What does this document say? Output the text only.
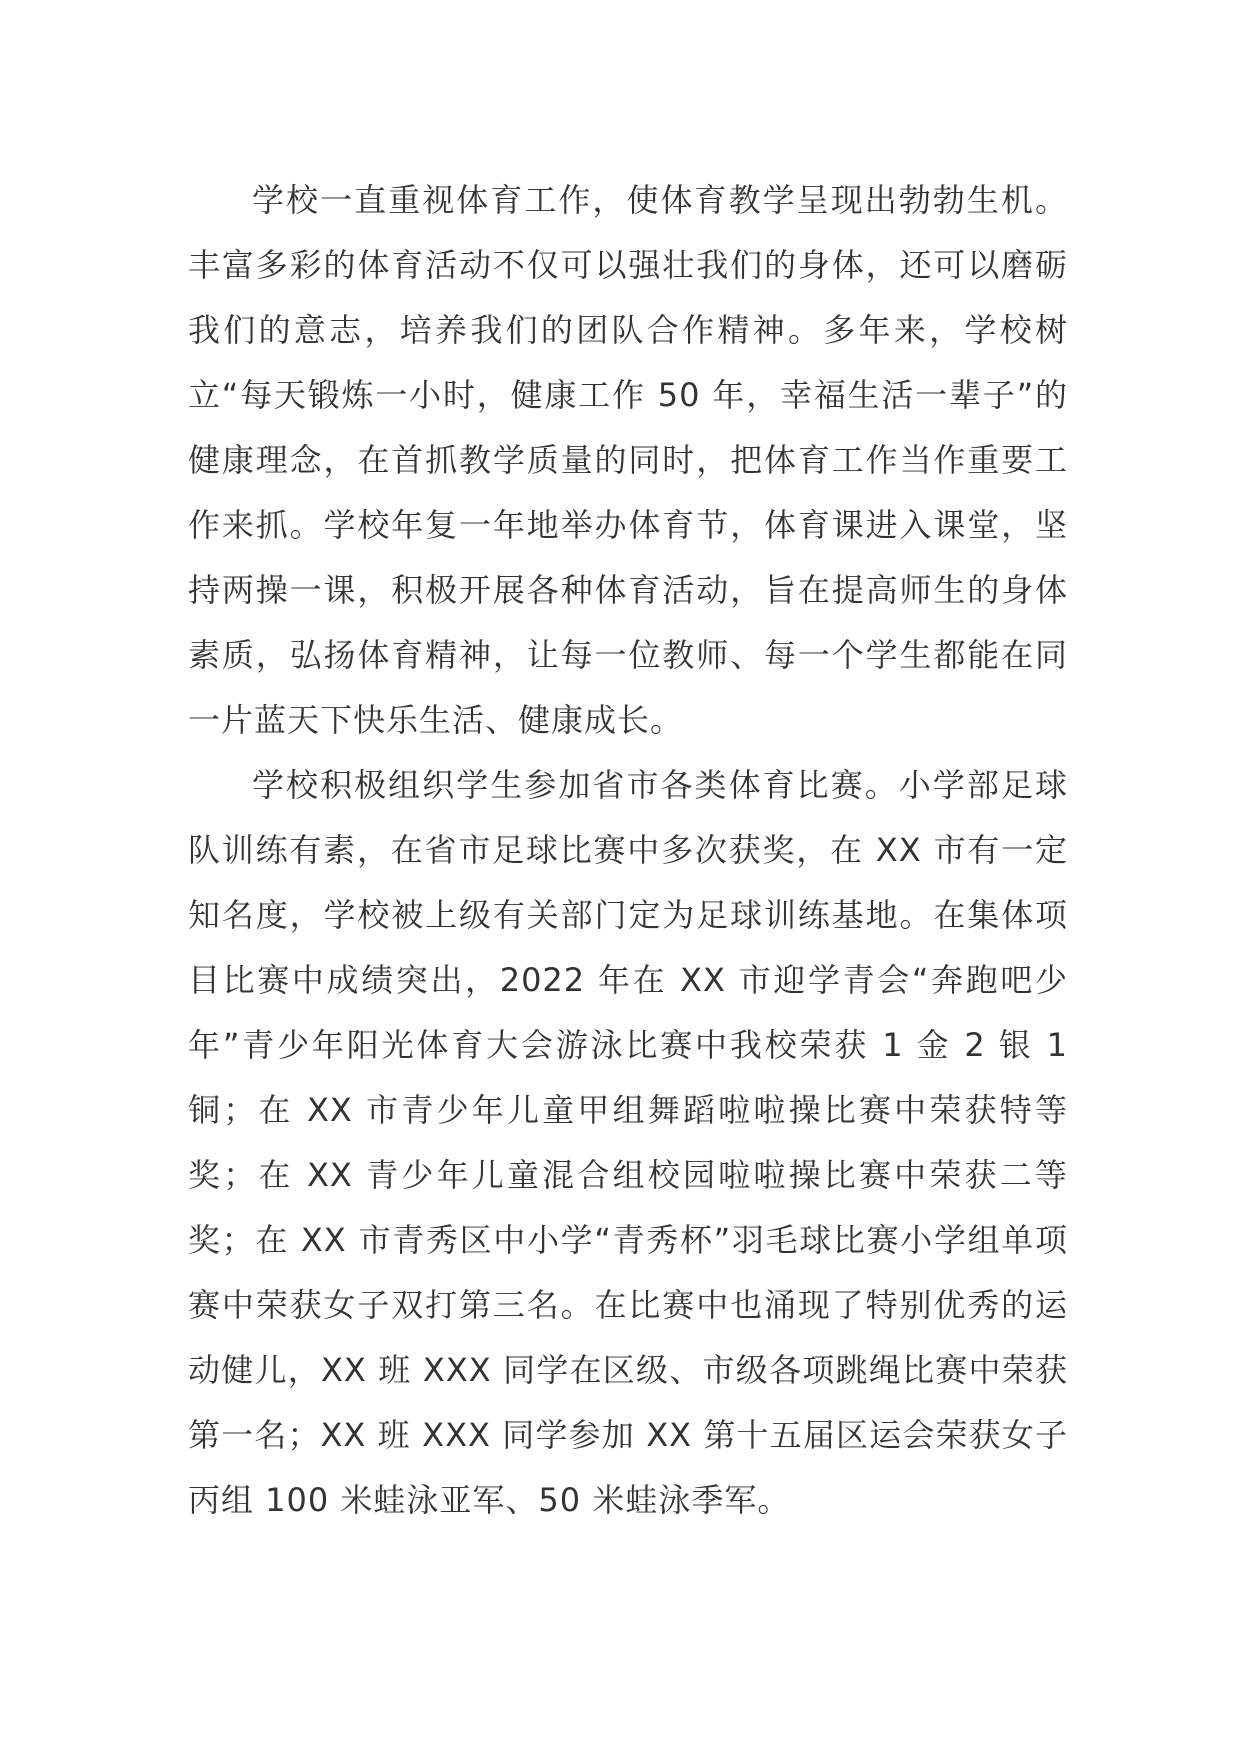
学校一直重视体育工作，使体育教学呈现出勃勃生机。丰富多彩的体育活动不仅可以强壮我们的身体，还可以磨砺我们的意志，培养我们的团队合作精神。多年来，学校树立“每天锻炼一小时，健康工作 50 年，幸福生活一辈子”的健康理念，在首抓教学质量的同时，把体育工作当作重要工作来抓。学校年复一年地举办体育节，体育课进入课堂，坚持两操一课，积极开展各种体育活动，旨在提高师生的身体素质，弘扬体育精神，让每一位教师、每一个学生都能在同一片蓝天下快乐生活、健康成长。

学校积极组织学生参加省市各类体育比赛。小学部足球队训练有素，在省市足球比赛中多次获奖，在 XX 市有一定知名度，学校被上级有关部门定为足球训练基地。在集体项目比赛中成绩突出，2022 年在 XX 市迎学青会“奔跑吧少年”青少年阳光体育大会游泳比赛中我校荣获 1 金 2 银 1 铜；在 XX 市青少年儿童甲组舞蹈啦啦操比赛中荣获特等奖；在 XX 青少年儿童混合组校园啦啦操比赛中荣获二等奖；在 XX 市青秀区中小学“青秀杯”羽毛球比赛小学组单项赛中荣获女子双打第三名。在比赛中也涌现了特别优秀的运动健儿，XX 班 XXX 同学在区级、市级各项跳绳比赛中荣获第一名；XX 班 XXX 同学参加 XX 第十五届区运会荣获女子丙组 100 米蛙泳亚军、50 米蛙泳季军。
